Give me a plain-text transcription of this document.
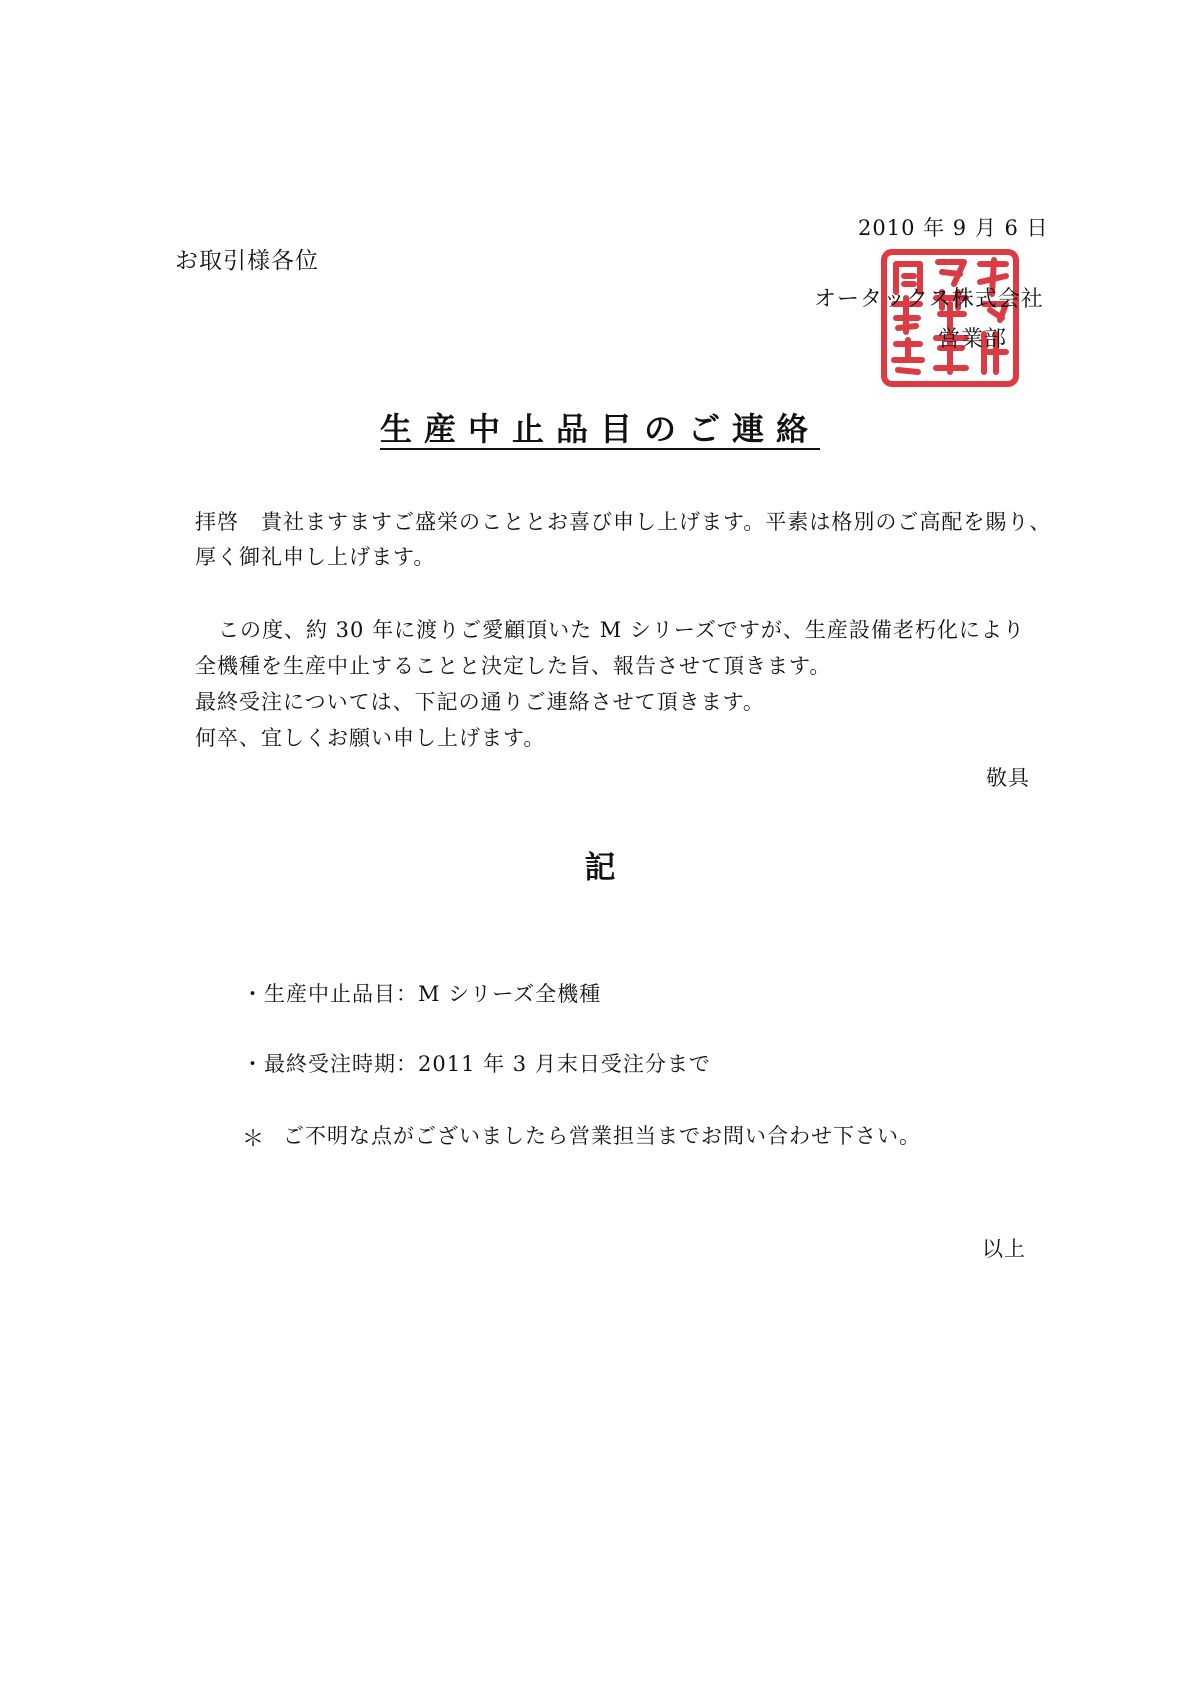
2010 年 9 月 6 日
お取引様各位
オータックス株式会社
営業部
生産中止品目のご連絡
拝啓　貴社ますますご盛栄のこととお喜び申し上げます。平素は格別のご高配を賜り、
厚く御礼申し上げます。
この度、約 30 年に渡りご愛顧頂いた M シリーズですが、生産設備老朽化により
全機種を生産中止することと決定した旨、報告させて頂きます。
最終受注については、下記の通りご連絡させて頂きます。
何卒、宜しくお願い申し上げます。
敬具
記
・生産中止品目：M シリーズ全機種
・最終受注時期：2011 年 3 月末日受注分まで
＊ ご不明な点がございましたら営業担当までお問い合わせ下さい。
以上
